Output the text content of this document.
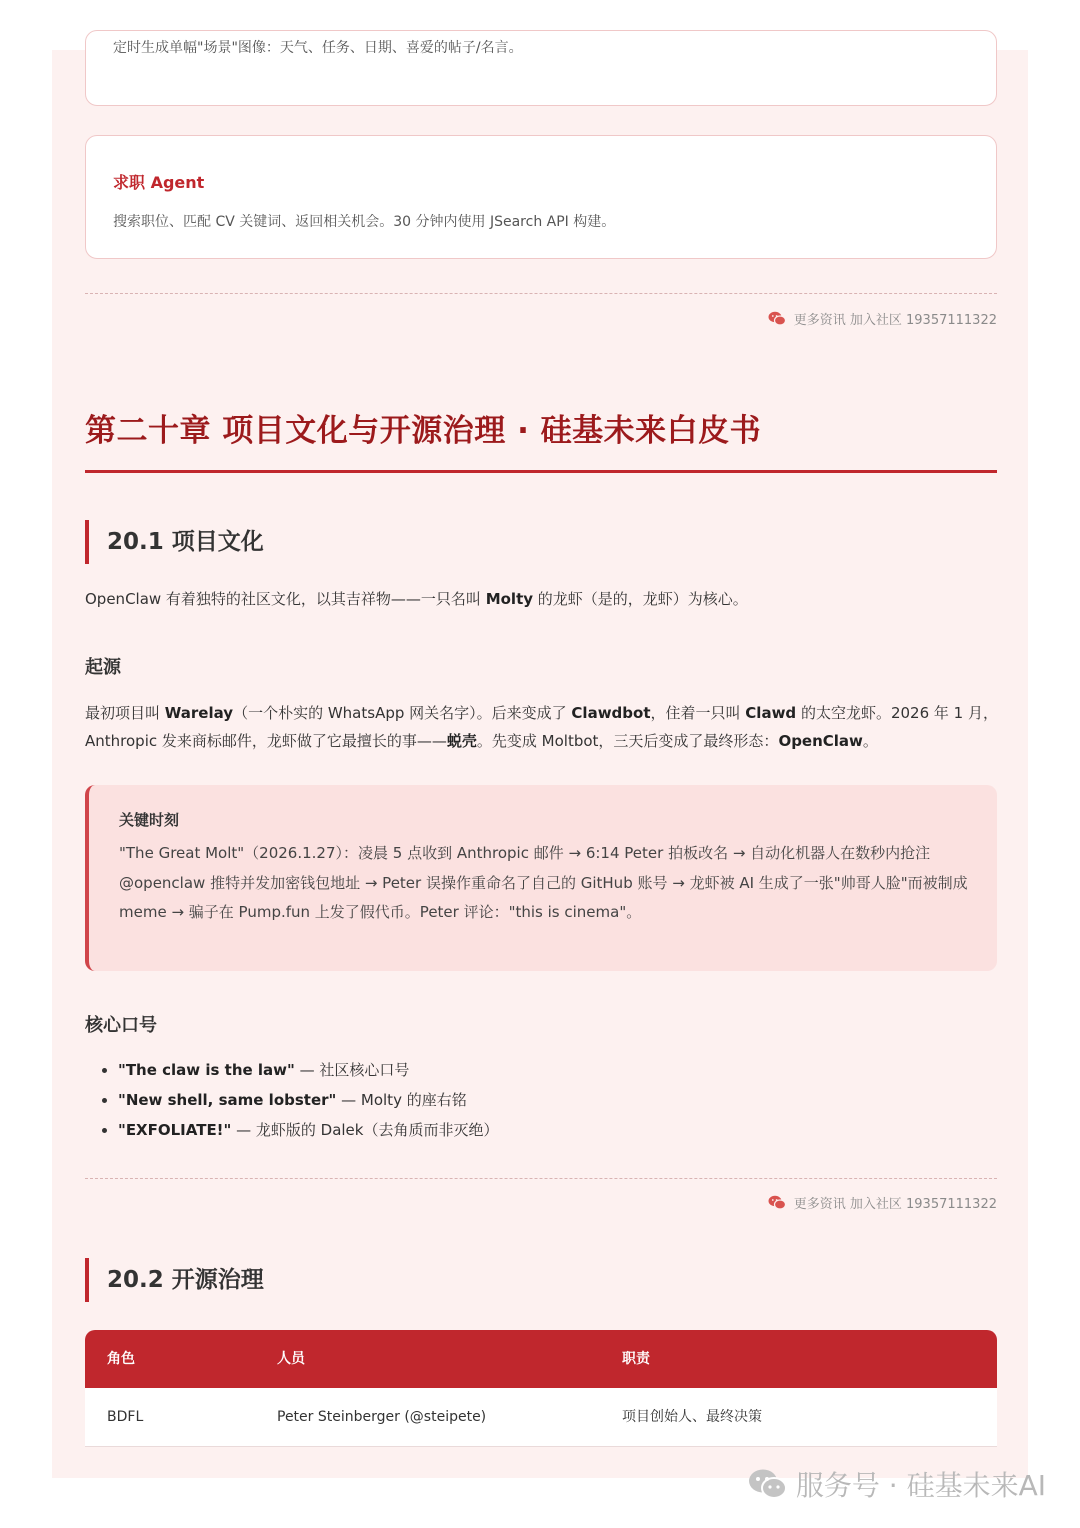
定时生成单幅"场景"图像：天气、任务、日期、喜爱的帖子/名言。
求职 Agent
搜索职位、匹配 CV 关键词、返回相关机会。30 分钟内使用 JSearch API 构建。
更多资讯 加入社区 19357111322
第二十章 项目文化与开源治理 · 硅基未来白皮书
20.1 项目文化
OpenClaw 有着独特的社区文化，以其吉祥物——一只名叫 Molty 的龙虾（是的，龙虾）为核心。
起源
最初项目叫 Warelay（一个朴实的 WhatsApp 网关名字）。后来变成了 Clawdbot，住着一只叫 Clawd 的太空龙虾。2026 年 1 月，Anthropic 发来商标邮件，龙虾做了它最擅长的事——蜕壳。先变成 Moltbot，三天后变成了最终形态：OpenClaw。
关键时刻
"The Great Molt"（2026.1.27）：凌晨 5 点收到 Anthropic 邮件 → 6:14 Peter 拍板改名 → 自动化机器人在数秒内抢注 @openclaw 推特并发加密钱包地址 → Peter 误操作重命名了自己的 GitHub 账号 → 龙虾被 AI 生成了一张"帅哥人脸"而被制成 meme → 骗子在 Pump.fun 上发了假代币。Peter 评论："this is cinema"。
核心口号
• "The claw is the law" — 社区核心口号
• "New shell, same lobster" — Molty 的座右铭
• "EXFOLIATE!" — 龙虾版的 Dalek（去角质而非灭绝）
更多资讯 加入社区 19357111322
20.2 开源治理
角色	人员	职责
BDFL	Peter Steinberger (@steipete)	项目创始人、最终决策
服务号 · 硅基未来AI
